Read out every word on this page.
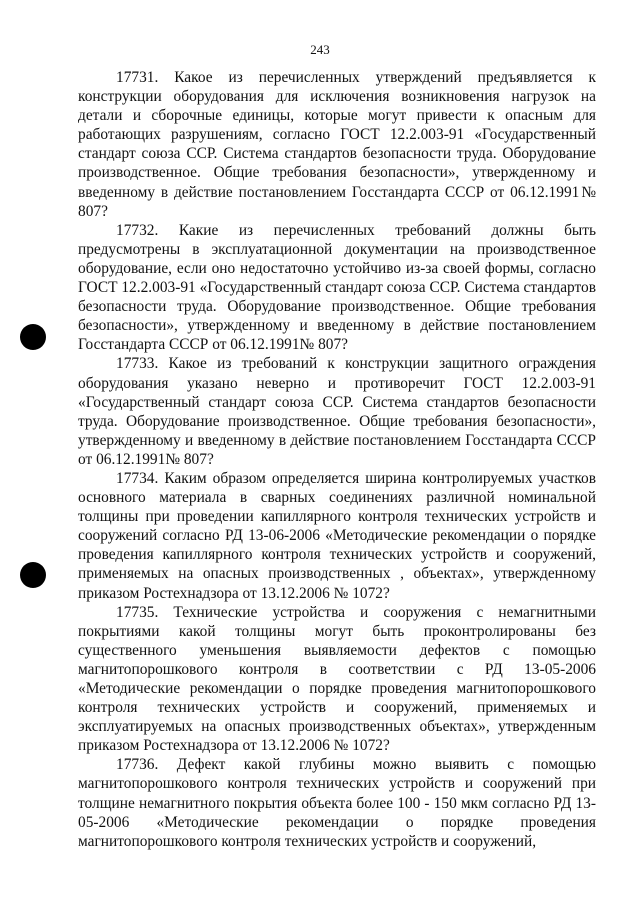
243

17731. Какое из перечисленных утверждений предъявляется к конструкции оборудования для исключения возникновения нагрузок на детали и сборочные единицы, которые могут привести к опасным для работающих разрушениям, согласно ГОСТ 12.2.003-91 «Государственный стандарт союза ССР. Система стандартов безопасности труда. Оборудование производственное. Общие требования безопасности», утвержденному и введенному в действие постановлением Госстандарта СССР от 06.12.1991№ 807?

17732. Какие из перечисленных требований должны быть предусмотрены в эксплуатационной документации на производственное оборудование, если оно недостаточно устойчиво из-за своей формы, согласно ГОСТ 12.2.003-91 «Государственный стандарт союза ССР. Система стандартов безопасности труда. Оборудование производственное. Общие требования безопасности», утвержденному и введенному в действие постановлением Госстандарта СССР от 06.12.1991№ 807?

17733. Какое из требований к конструкции защитного ограждения оборудования указано неверно и противоречит ГОСТ 12.2.003-91 «Государственный стандарт союза ССР. Система стандартов безопасности труда. Оборудование производственное. Общие требования безопасности», утвержденному и введенному в действие постановлением Госстандарта СССР от 06.12.1991№ 807?

17734. Каким образом определяется ширина контролируемых участков основного материала в сварных соединениях различной номинальной толщины при проведении капиллярного контроля технических устройств и сооружений согласно РД 13-06-2006 «Методические рекомендации о порядке проведения капиллярного контроля технических устройств и сооружений, применяемых на опасных производственных , объектах», утвержденному приказом Ростехнадзора от 13.12.2006 № 1072?

17735. Технические устройства и сооружения с немагнитными покрытиями какой толщины могут быть проконтролированы без существенного уменьшения выявляемости дефектов с помощью магнитопорошкового контроля в соответствии с РД 13-05-2006 «Методические рекомендации о порядке проведения магнитопорошкового контроля технических устройств и сооружений, применяемых и эксплуатируемых на опасных производственных объектах», утвержденным приказом Ростехнадзора от 13.12.2006 № 1072?

17736. Дефект какой глубины можно выявить с помощью магнитопорошкового контроля технических устройств и сооружений при толщине немагнитного покрытия объекта более 100 - 150 мкм согласно РД 13-05-2006 «Методические рекомендации о порядке проведения магнитопорошкового контроля технических устройств и сооружений,
